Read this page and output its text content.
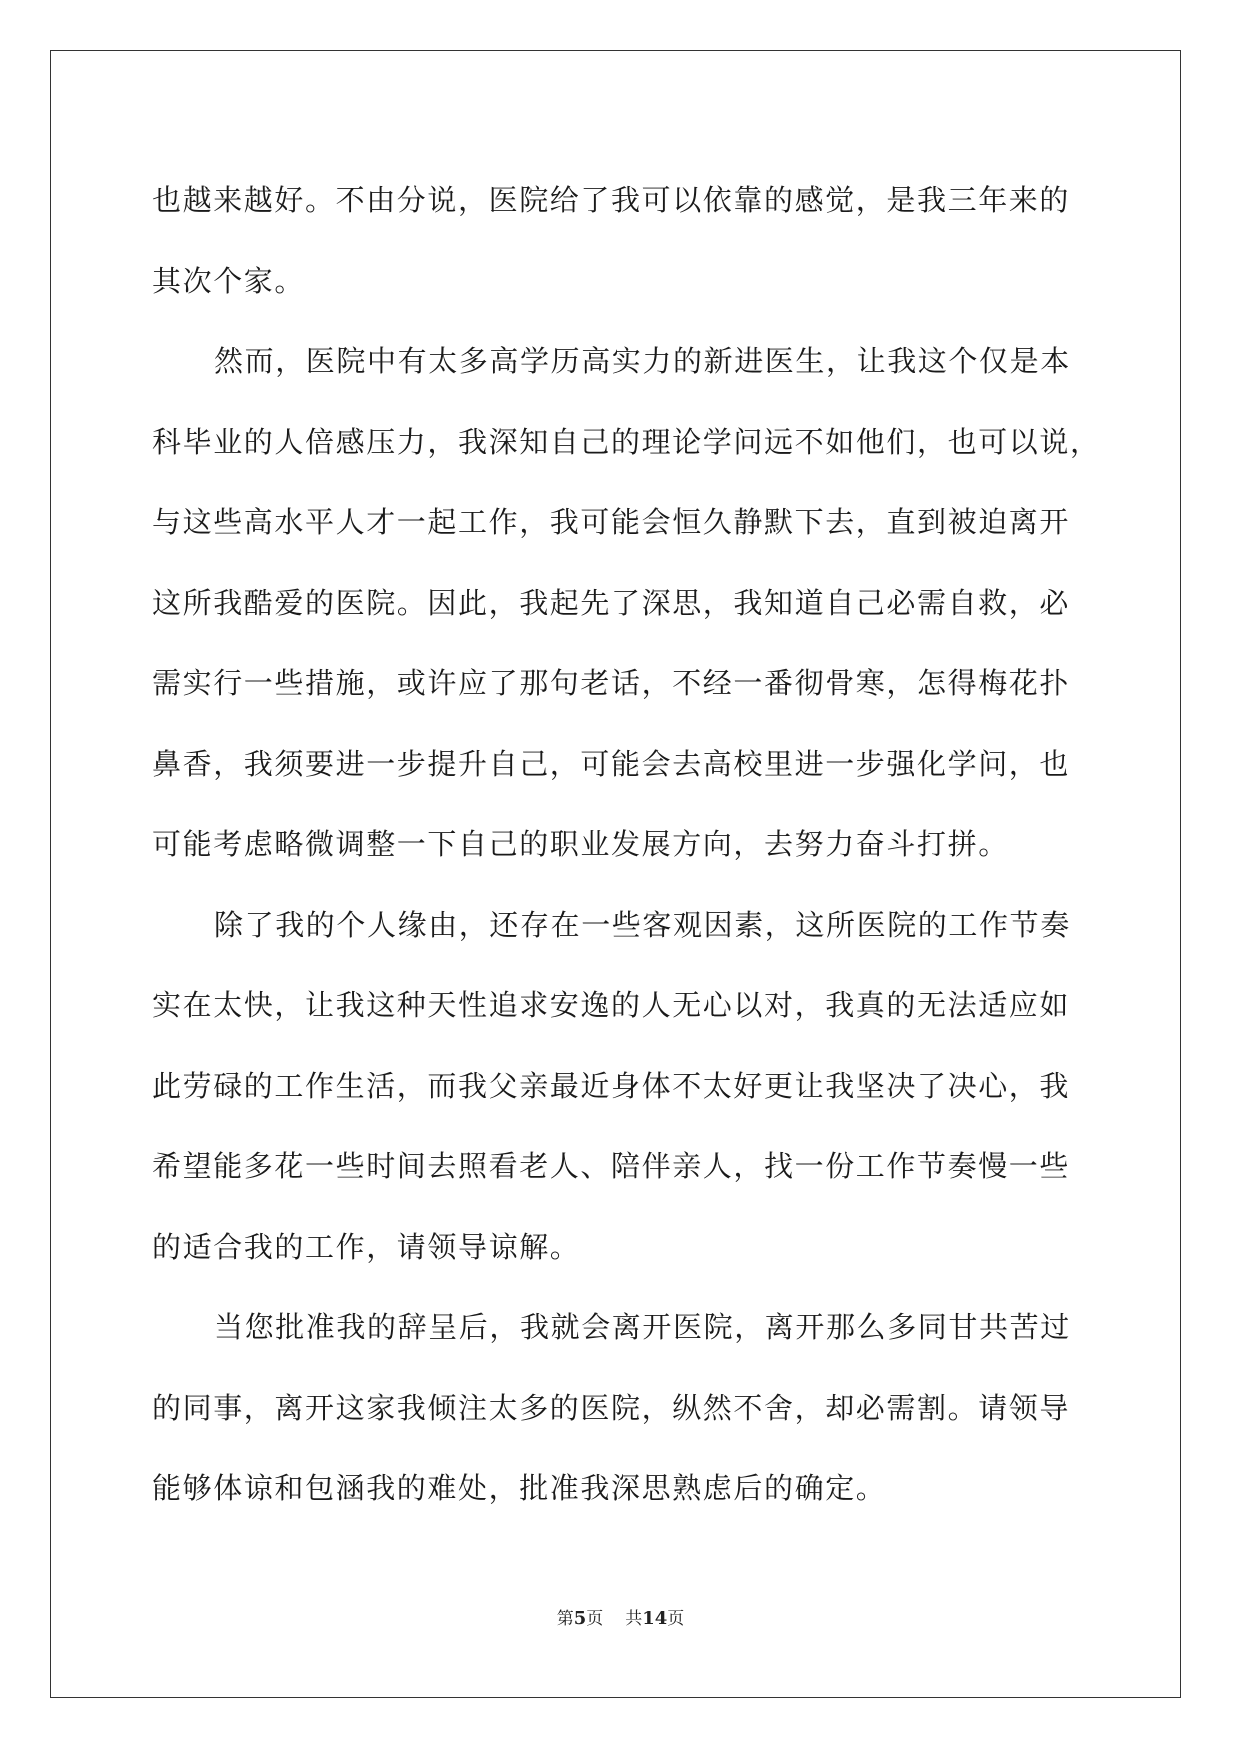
也越来越好。不由分说，医院给了我可以依靠的感觉，是我三年来的
其次个家。
然而，医院中有太多高学历高实力的新进医生，让我这个仅是本
科毕业的人倍感压力，我深知自己的理论学问远不如他们，也可以说，
与这些高水平人才一起工作，我可能会恒久静默下去，直到被迫离开
这所我酷爱的医院。因此，我起先了深思，我知道自己必需自救，必
需实行一些措施，或许应了那句老话，不经一番彻骨寒，怎得梅花扑
鼻香，我须要进一步提升自己，可能会去高校里进一步强化学问，也
可能考虑略微调整一下自己的职业发展方向，去努力奋斗打拼。
除了我的个人缘由，还存在一些客观因素，这所医院的工作节奏
实在太快，让我这种天性追求安逸的人无心以对，我真的无法适应如
此劳碌的工作生活，而我父亲最近身体不太好更让我坚决了决心，我
希望能多花一些时间去照看老人、陪伴亲人，找一份工作节奏慢一些
的适合我的工作，请领导谅解。
当您批准我的辞呈后，我就会离开医院，离开那么多同甘共苦过
的同事，离开这家我倾注太多的医院，纵然不舍，却必需割。请领导
能够体谅和包涵我的难处，批准我深思熟虑后的确定。
第5页 共14页
